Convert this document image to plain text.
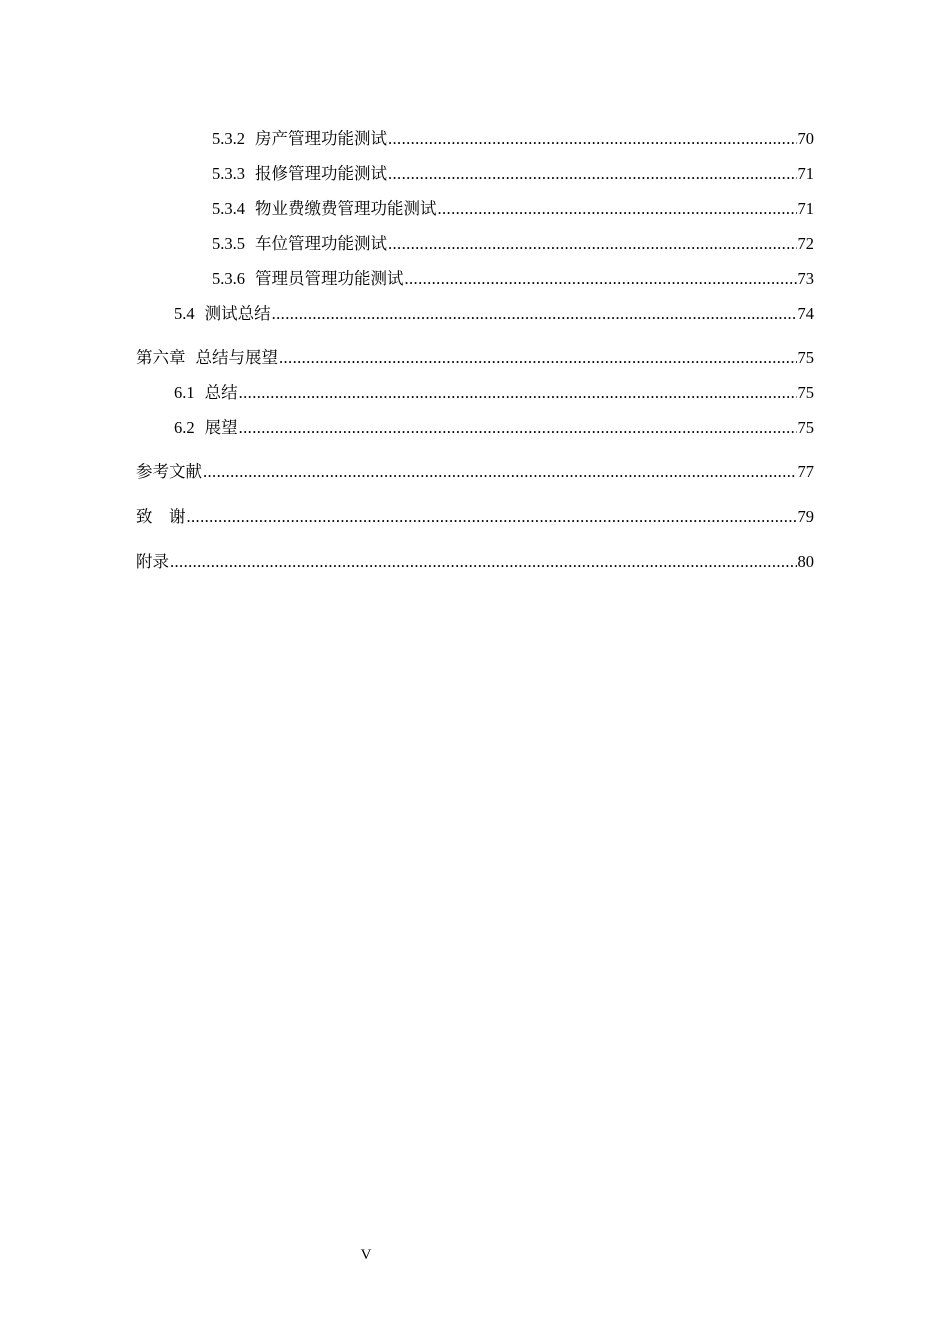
5.3.2 房产管理功能测试 .....	70
5.3.3 报修管理功能测试 .....	71
5.3.4 物业费缴费管理功能测试 .....	71
5.3.5 车位管理功能测试 .....	72
5.3.6 管理员管理功能测试 .....	73
5.4 测试总结 .....	74
第六章 总结与展望 .....	75
6.1 总结 .....	75
6.2 展望 .....	75
参考文献 .....	77
致　谢 .....	79
附录 .....	80
V
